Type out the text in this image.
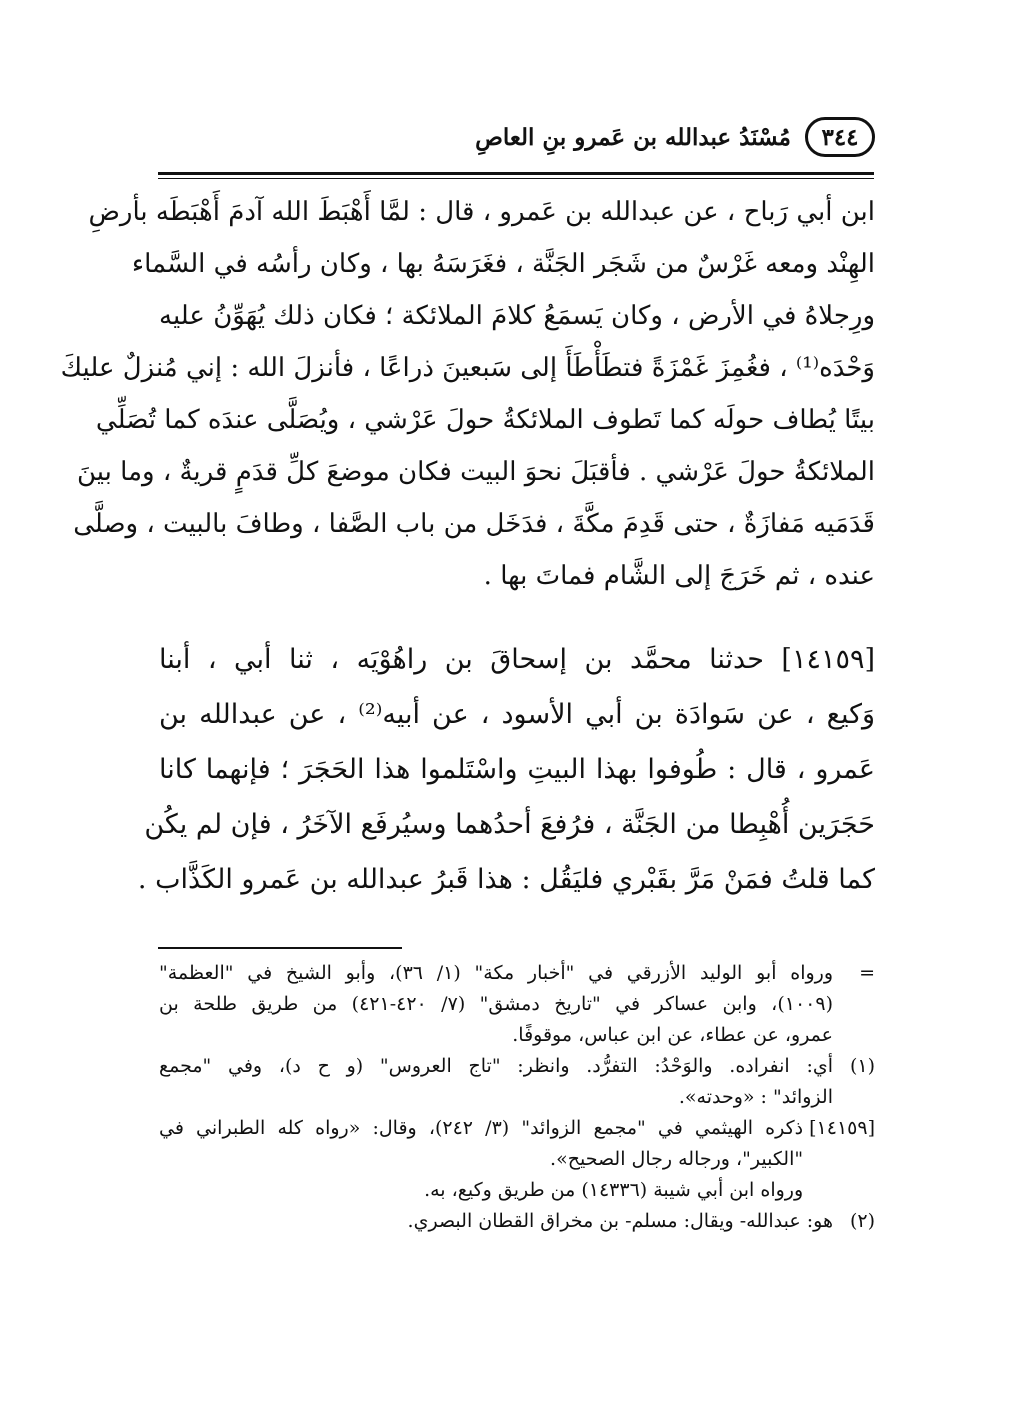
٣٤٤
مُسْنَدُ عبدالله بن عَمرو بنِ العاصِ
ابن أبي رَباح ، عن عبدالله بن عَمرو ، قال : لمَّا أَهْبَطَ الله آدمَ أَهْبَطَه بأرضِ
الهِنْد ومعه غَرْسٌ من شَجَر الجَنَّة ، فغَرَسَهُ بها ، وكان رأسُه في السَّماء
ورِجلاهُ في الأرض ، وكان يَسمَعُ كلامَ الملائكة ؛ فكان ذلك يُهَوِّنُ عليه
وَحْدَه⁽¹⁾ ، فغُمِزَ غَمْزَةً فتطَأْطَأَ إلى سَبعينَ ذراعًا ، فأنزلَ الله : إني مُنزلٌ عليكَ
بيتًا يُطاف حولَه كما تَطوف الملائكةُ حولَ عَرْشي ، ويُصَلَّى عندَه كما تُصَلِّي
الملائكةُ حولَ عَرْشي . فأقبَلَ نحوَ البيت فكان موضعَ كلِّ قدَمٍ قريةٌ ، وما بينَ
قَدَمَيه مَفازَةٌ ، حتى قَدِمَ مكَّةَ ، فدَخَل من باب الصَّفا ، وطافَ بالبيت ، وصلَّى
عنده ، ثم خَرَجَ إلى الشَّام فماتَ بها .
[١٤١٥٩] حدثنا محمَّد بن إسحاقَ بن راهُوْيَه ، ثنا أبي ، أبنا
وَكيع ، عن سَوادَة بن أبي الأسود ، عن أبيه⁽²⁾ ، عن عبدالله بن
عَمرو ، قال : طُوفوا بهذا البيتِ واسْتَلموا هذا الحَجَرَ ؛ فإنهما كانا
حَجَرَين أُهْبِطا من الجَنَّة ، فرُفعَ أحدُهما وسيُرفَع الآخَرُ ، فإن لم يكُن
كما قلتُ فمَنْ مَرَّ بقَبْري فليَقُل : هذا قَبرُ عبدالله بن عَمرو الكَذَّاب .
=
ورواه أبو الوليد الأزرقي في "أخبار مكة" (١/ ٣٦)، وأبو الشيخ في "العظمة"
(١٠٠٩)، وابن عساكر في "تاريخ دمشق" (٧/ ٤٢٠-٤٢١) من طريق طلحة بن
عمرو، عن عطاء، عن ابن عباس، موقوفًا.
(١)
أي: انفراده. والوَحْدُ: التفرُّد. وانظر: "تاج العروس" (و ح د)، وفي "مجمع
الزوائد" : «وحدته».
[١٤١٥٩]
ذكره الهيثمي في "مجمع الزوائد" (٣/ ٢٤٢)، وقال: «رواه كله الطبراني في
"الكبير"، ورجاله رجال الصحيح».
ورواه ابن أبي شيبة (١٤٣٣٦) من طريق وكيع، به.
(٢)
هو: عبدالله- ويقال: مسلم- بن مخراق القطان البصري.
